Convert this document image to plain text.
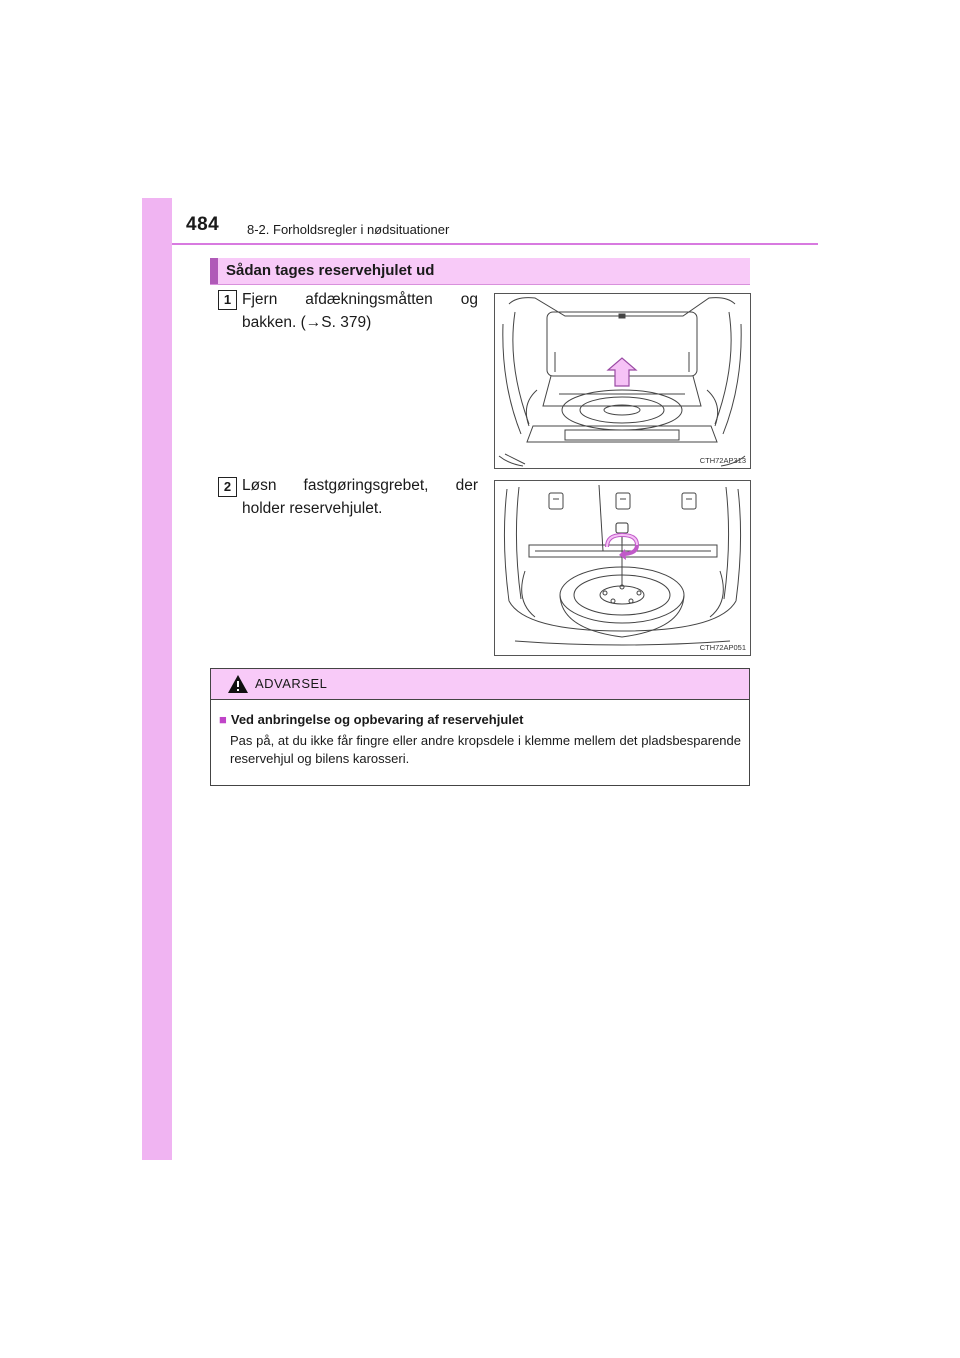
484 8-2. Forholdsregler i nødsituationer
Sådan tages reservehjulet ud
1 Fjern afdækningsmåtten og
bakken. (→S. 379)
CTH72AP313
2 Løsn fastgøringsgrebet, der
holder reservehjulet.
CTH72AP051
ADVARSEL
■ Ved anbringelse og opbevaring af reservehjulet
Pas på, at du ikke får fingre eller andre kropsdele i klemme mellem det pladsbesparende reservehjul og bilens karosseri.
